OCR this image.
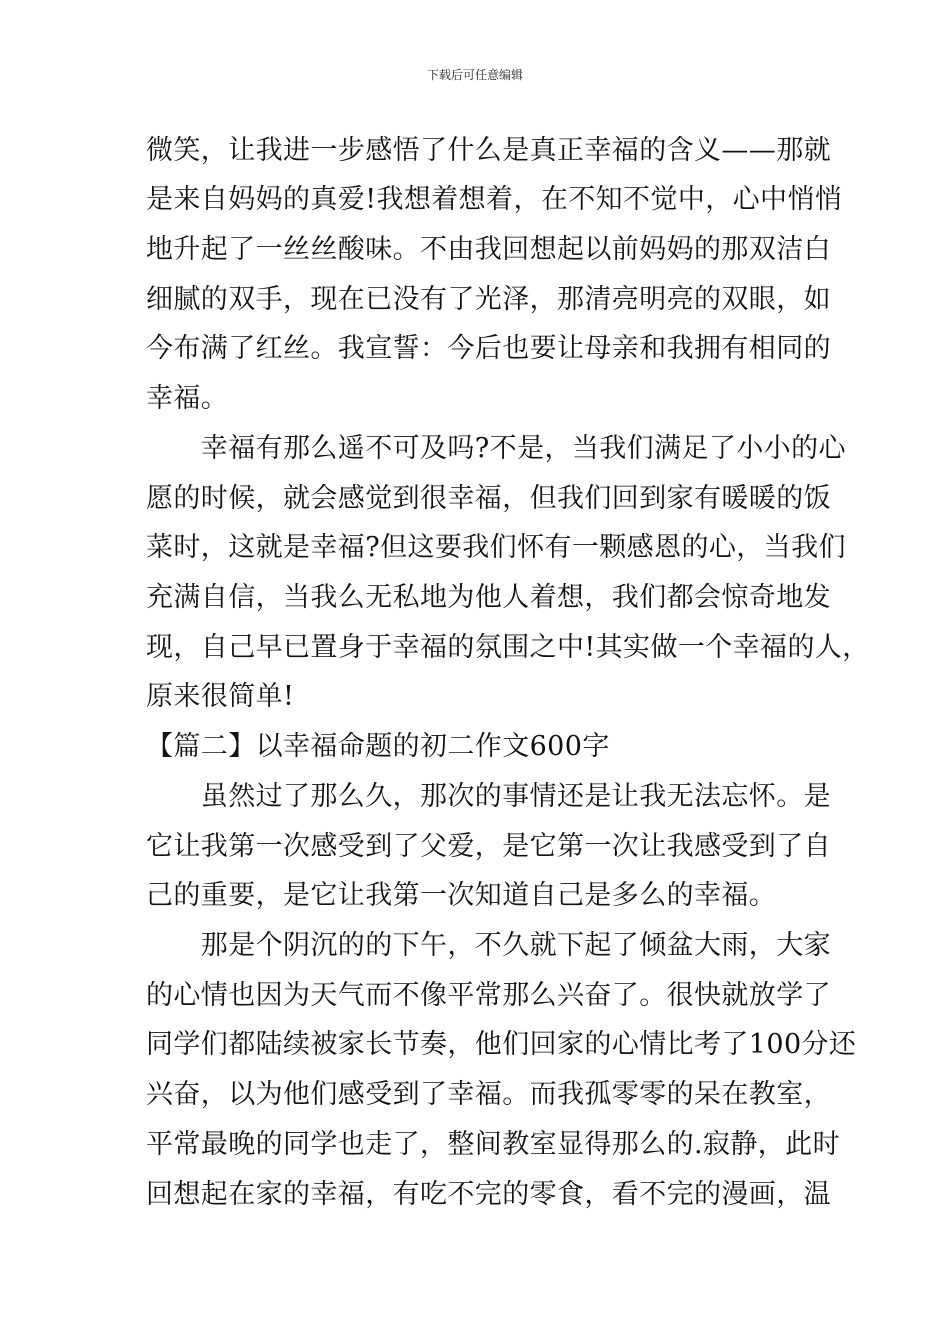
下载后可任意编辑
微笑，让我进一步感悟了什么是真正幸福的含义——那就
是来自妈妈的真爱!我想着想着，在不知不觉中，心中悄悄
地升起了一丝丝酸味。不由我回想起以前妈妈的那双洁白
细腻的双手，现在已没有了光泽，那清亮明亮的双眼，如
今布满了红丝。我宣誓：今后也要让母亲和我拥有相同的
幸福。
　　幸福有那么遥不可及吗?不是，当我们满足了小小的心
愿的时候，就会感觉到很幸福，但我们回到家有暖暖的饭
菜时，这就是幸福?但这要我们怀有一颗感恩的心，当我们
充满自信，当我么无私地为他人着想，我们都会惊奇地发
现，自己早已置身于幸福的氛围之中!其实做一个幸福的人，
原来很简单!
【篇二】以幸福命题的初二作文600字
　　虽然过了那么久，那次的事情还是让我无法忘怀。是
它让我第一次感受到了父爱，是它第一次让我感受到了自
己的重要，是它让我第一次知道自己是多么的幸福。
　　那是个阴沉的的下午，不久就下起了倾盆大雨，大家
的心情也因为天气而不像平常那么兴奋了。很快就放学了
同学们都陆续被家长节奏，他们回家的心情比考了100分还
兴奋，以为他们感受到了幸福。而我孤零零的呆在教室，
平常最晚的同学也走了，整间教室显得那么的.寂静，此时
回想起在家的幸福，有吃不完的零食，看不完的漫画，温
